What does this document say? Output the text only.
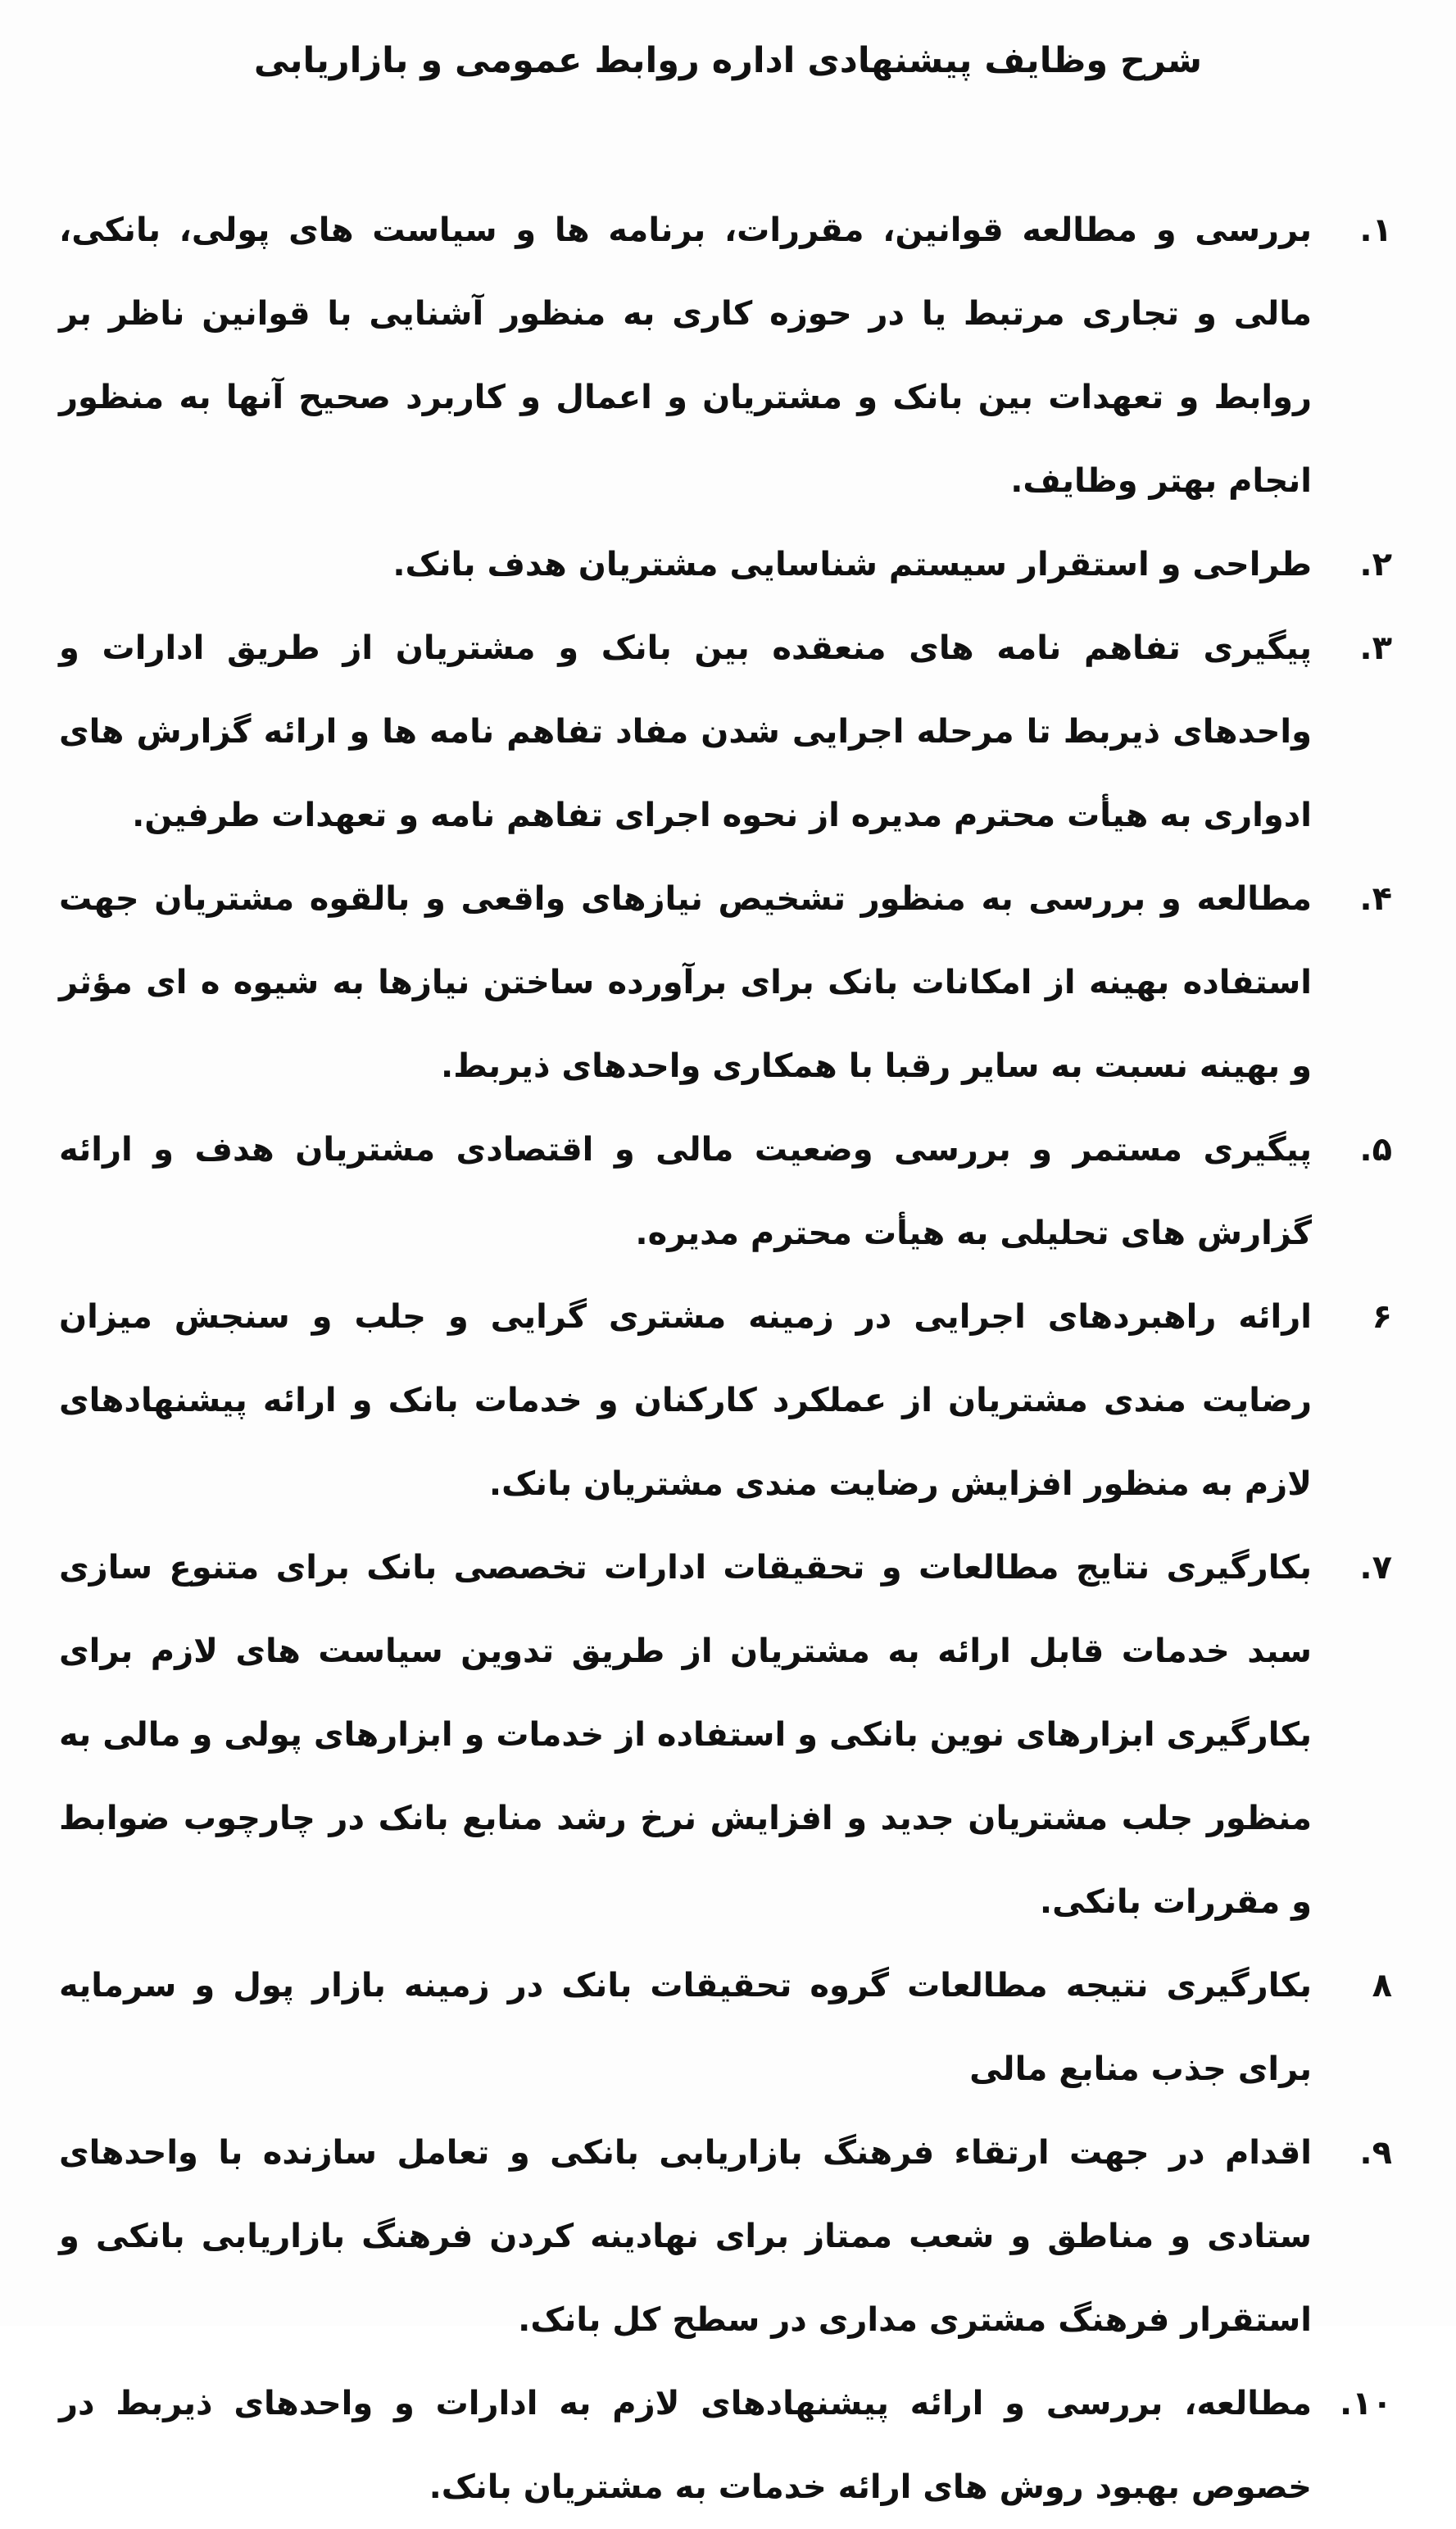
شرح وظایف پیشنهادی اداره روابط عمومی و بازاریابی
۱.

بررسی و مطالعه قوانین، مقررات، برنامه ها و سیاست های پولی، بانکی، مالی و تجاری مرتبط یا در حوزه کاری به منظور آشنایی با قوانین ناظر بر روابط و تعهدات بین بانک و مشتریان و اعمال و کاربرد صحیح آنها به منظور انجام بهتر وظایف.

۲.

طراحی و استقرار سیستم شناسایی مشتریان هدف بانک.

۳.

پیگیری تفاهم نامه های منعقده بین بانک و مشتریان از طریق ادارات و واحدهای ذیربط تا مرحله اجرایی شدن مفاد تفاهم نامه ها و ارائه گزارش های ادواری به هیأت محترم مدیره از نحوه اجرای تفاهم نامه و تعهدات طرفین.

۴.

مطالعه و بررسی به منظور تشخیص نیازهای واقعی و بالقوه مشتریان جهت استفاده بهینه از امکانات بانک برای برآورده ساختن نیازها به شیوه ه ای مؤثر و بهینه نسبت به سایر رقبا با همکاری واحدهای ذیربط.

۵.

پیگیری مستمر و بررسی وضعیت مالی و اقتصادی مشتریان هدف و ارائه گزارش های تحلیلی به هیأت محترم مدیره.

۶

ارائه راهبردهای اجرایی در زمینه مشتری گرایی و جلب و سنجش میزان رضایت مندی مشتریان از عملکرد کارکنان و خدمات بانک و ارائه پیشنهادهای لازم به منظور افزایش رضایت مندی مشتریان بانک.

۷.

بکارگیری نتایج مطالعات و تحقیقات ادارات تخصصی بانک برای متنوع سازی سبد خدمات قابل ارائه به مشتریان از طریق تدوین سیاست های لازم برای بکارگیری ابزارهای نوین بانکی و استفاده از خدمات و ابزارهای پولی و مالی به منظور جلب مشتریان جدید و افزایش نرخ رشد منابع بانک در چارچوب ضوابط و مقررات بانکی.

۸

بکارگیری نتیجه مطالعات گروه تحقیقات بانک در زمینه بازار پول و سرمایه برای جذب منابع مالی

۹.

اقدام در جهت ارتقاء فرهنگ بازاریابی بانکی و تعامل سازنده با واحدهای ستادی و مناطق و شعب ممتاز برای نهادینه کردن فرهنگ بازاریابی بانکی و استقرار فرهنگ مشتری مداری در سطح کل بانک.

۱۰.

مطالعه، بررسی و ارائه پیشنهادهای لازم به ادارات و واحدهای ذیربط در خصوص بهبود روش های ارائه خدمات به مشتریان بانک.
